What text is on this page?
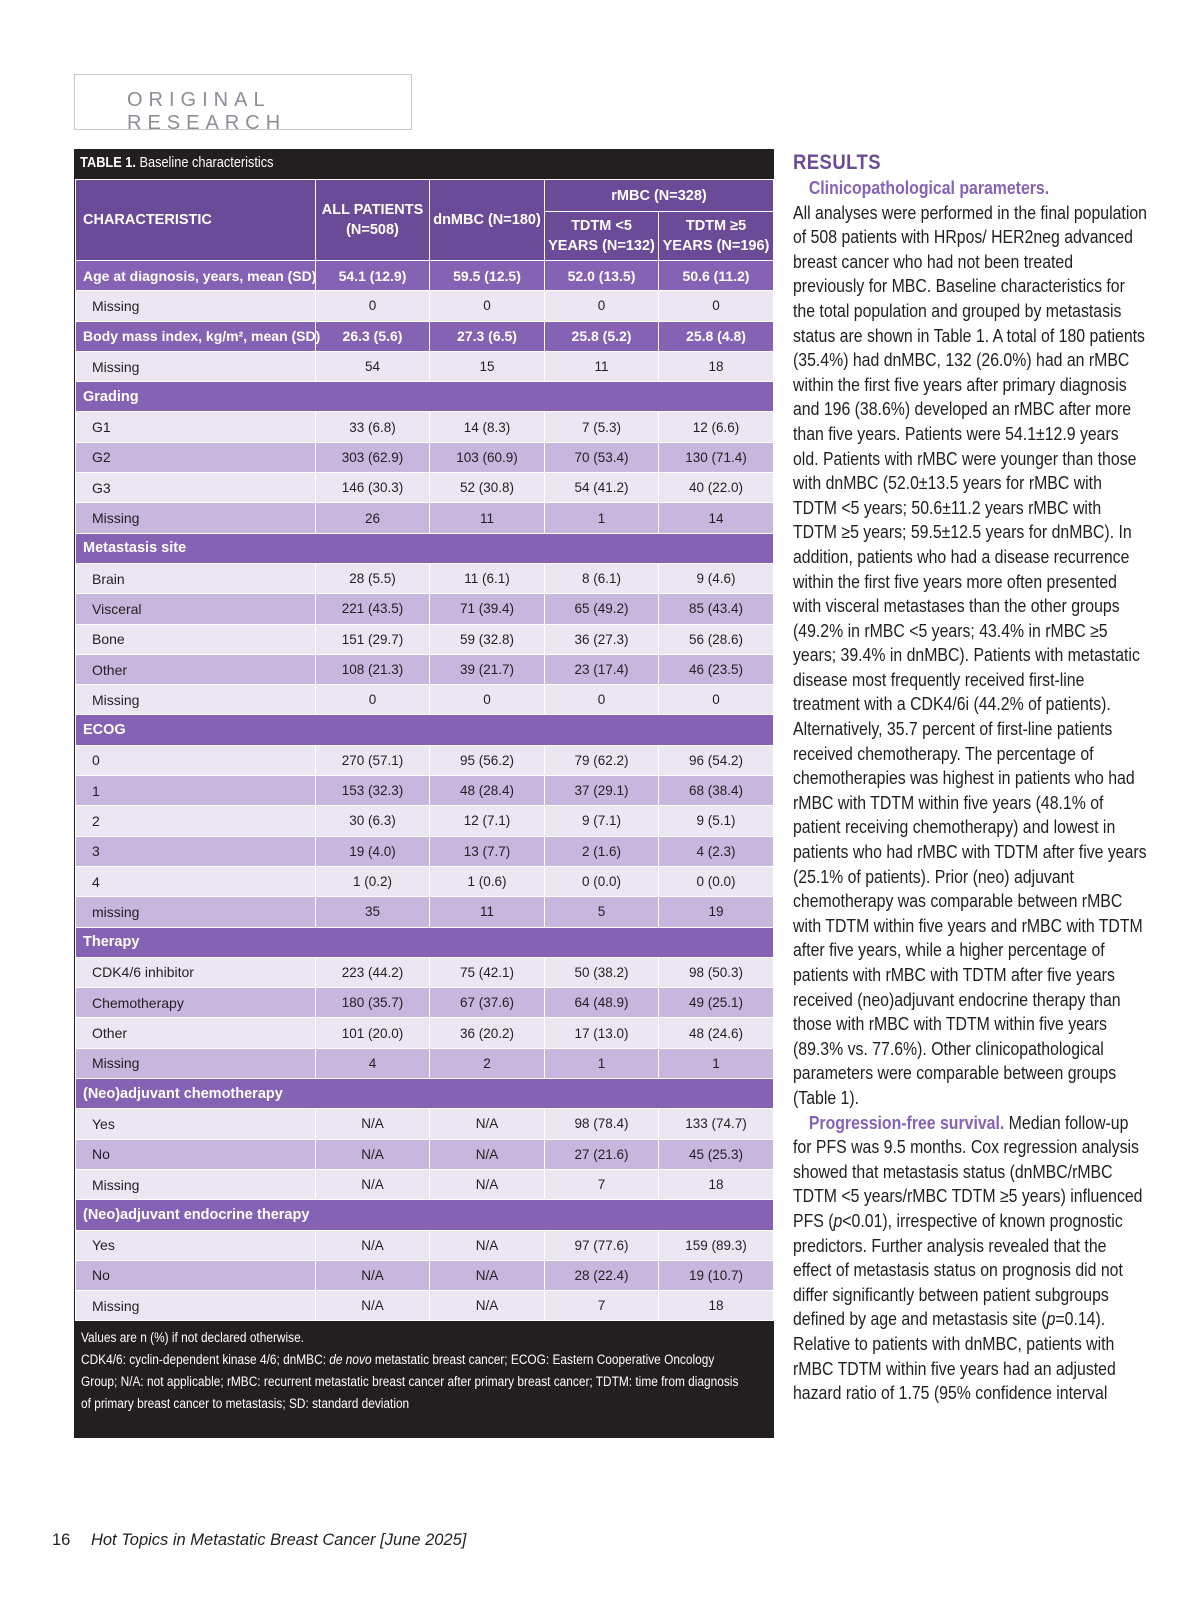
ORIGINAL RESEARCH
TABLE 1. Baseline characteristics
CHARACTERISTIC	ALL PATIENTS (N=508)	dnMBC (N=180)	rMBC (N=328)	
			TDTM <5 YEARS (N=132)	TDTM ≥5 YEARS (N=196)
Age at diagnosis, years, mean (SD)	54.1 (12.9)	59.5 (12.5)	52.0 (13.5)	50.6 (11.2)
Missing	0	0	0	0
Body mass index, kg/m², mean (SD)	26.3 (5.6)	27.3 (6.5)	25.8 (5.2)	25.8 (4.8)
Missing	54	15	11	18
Grading				
G1	33 (6.8)	14 (8.3)	7 (5.3)	12 (6.6)
G2	303 (62.9)	103 (60.9)	70 (53.4)	130 (71.4)
G3	146 (30.3)	52 (30.8)	54 (41.2)	40 (22.0)
Missing	26	11	1	14
Metastasis site				
Brain	28 (5.5)	11 (6.1)	8 (6.1)	9 (4.6)
Visceral	221 (43.5)	71 (39.4)	65 (49.2)	85 (43.4)
Bone	151 (29.7)	59 (32.8)	36 (27.3)	56 (28.6)
Other	108 (21.3)	39 (21.7)	23 (17.4)	46 (23.5)
Missing	0	0	0	0
ECOG				
0	270 (57.1)	95 (56.2)	79 (62.2)	96 (54.2)
1	153 (32.3)	48 (28.4)	37 (29.1)	68 (38.4)
2	30 (6.3)	12 (7.1)	9 (7.1)	9 (5.1)
3	19 (4.0)	13 (7.7)	2 (1.6)	4 (2.3)
4	1 (0.2)	1 (0.6)	0 (0.0)	0 (0.0)
missing	35	11	5	19
Therapy				
CDK4/6 inhibitor	223 (44.2)	75 (42.1)	50 (38.2)	98 (50.3)
Chemotherapy	180 (35.7)	67 (37.6)	64 (48.9)	49 (25.1)
Other	101 (20.0)	36 (20.2)	17 (13.0)	48 (24.6)
Missing	4	2	1	1
(Neo)adjuvant chemotherapy				
Yes	N/A	N/A	98 (78.4)	133 (74.7)
No	N/A	N/A	27 (21.6)	45 (25.3)
Missing	N/A	N/A	7	18
(Neo)adjuvant endocrine therapy				
Yes	N/A	N/A	97 (77.6)	159 (89.3)
No	N/A	N/A	28 (22.4)	19 (10.7)
Missing	N/A	N/A	7	18

Values are n (%) if not declared otherwise.

CDK4/6: cyclin-dependent kinase 4/6; dnMBC: de novo metastatic breast cancer; ECOG: Eastern Cooperative Oncology Group; N/A: not applicable; rMBC: recurrent metastatic breast cancer after primary breast cancer; TDTM: time from diagnosis of primary breast cancer to metastasis; SD: standard deviation

RESULTS

Clinicopathological parameters.

All analyses were performed in the final population of 508 patients with HRpos/ HER2neg advanced breast cancer who had not been treated previously for MBC. Baseline characteristics for the total population and grouped by metastasis status are shown in Table 1. A total of 180 patients (35.4%) had dnMBC, 132 (26.0%) had an rMBC within the first five years after primary diagnosis and 196 (38.6%) developed an rMBC after more than five years. Patients were 54.1±12.9 years old. Patients with rMBC were younger than those with dnMBC (52.0±13.5 years for rMBC with TDTM <5 years; 50.6±11.2 years rMBC with TDTM ≥5 years; 59.5±12.5 years for dnMBC). In addition, patients who had a disease recurrence within the first five years more often presented with visceral metastases than the other groups (49.2% in rMBC <5 years; 43.4% in rMBC ≥5 years; 39.4% in dnMBC). Patients with metastatic disease most frequently received first-line treatment with a CDK4/6i (44.2% of patients). Alternatively, 35.7 percent of first-line patients received chemotherapy. The percentage of chemotherapies was highest in patients who had rMBC with TDTM within five years (48.1% of patient receiving chemotherapy) and lowest in patients who had rMBC with TDTM after five years (25.1% of patients). Prior (neo) adjuvant chemotherapy was comparable between rMBC with TDTM within five years and rMBC with TDTM after five years, while a higher percentage of patients with rMBC with TDTM after five years received (neo)adjuvant endocrine therapy than those with rMBC with TDTM within five years (89.3% vs. 77.6%). Other clinicopathological parameters were comparable between groups (Table 1).

Progression-free survival. Median follow-up for PFS was 9.5 months. Cox regression analysis showed that metastasis status (dnMBC/rMBC TDTM <5 years/rMBC TDTM ≥5 years) influenced PFS (p<0.01), irrespective of known prognostic predictors. Further analysis revealed that the effect of metastasis status on prognosis did not differ significantly between patient subgroups defined by age and metastasis site (p=0.14). Relative to patients with dnMBC, patients with rMBC TDTM within five years had an adjusted hazard ratio of 1.75 (95% confidence interval

16 Hot Topics in Metastatic Breast Cancer [June 2025]
